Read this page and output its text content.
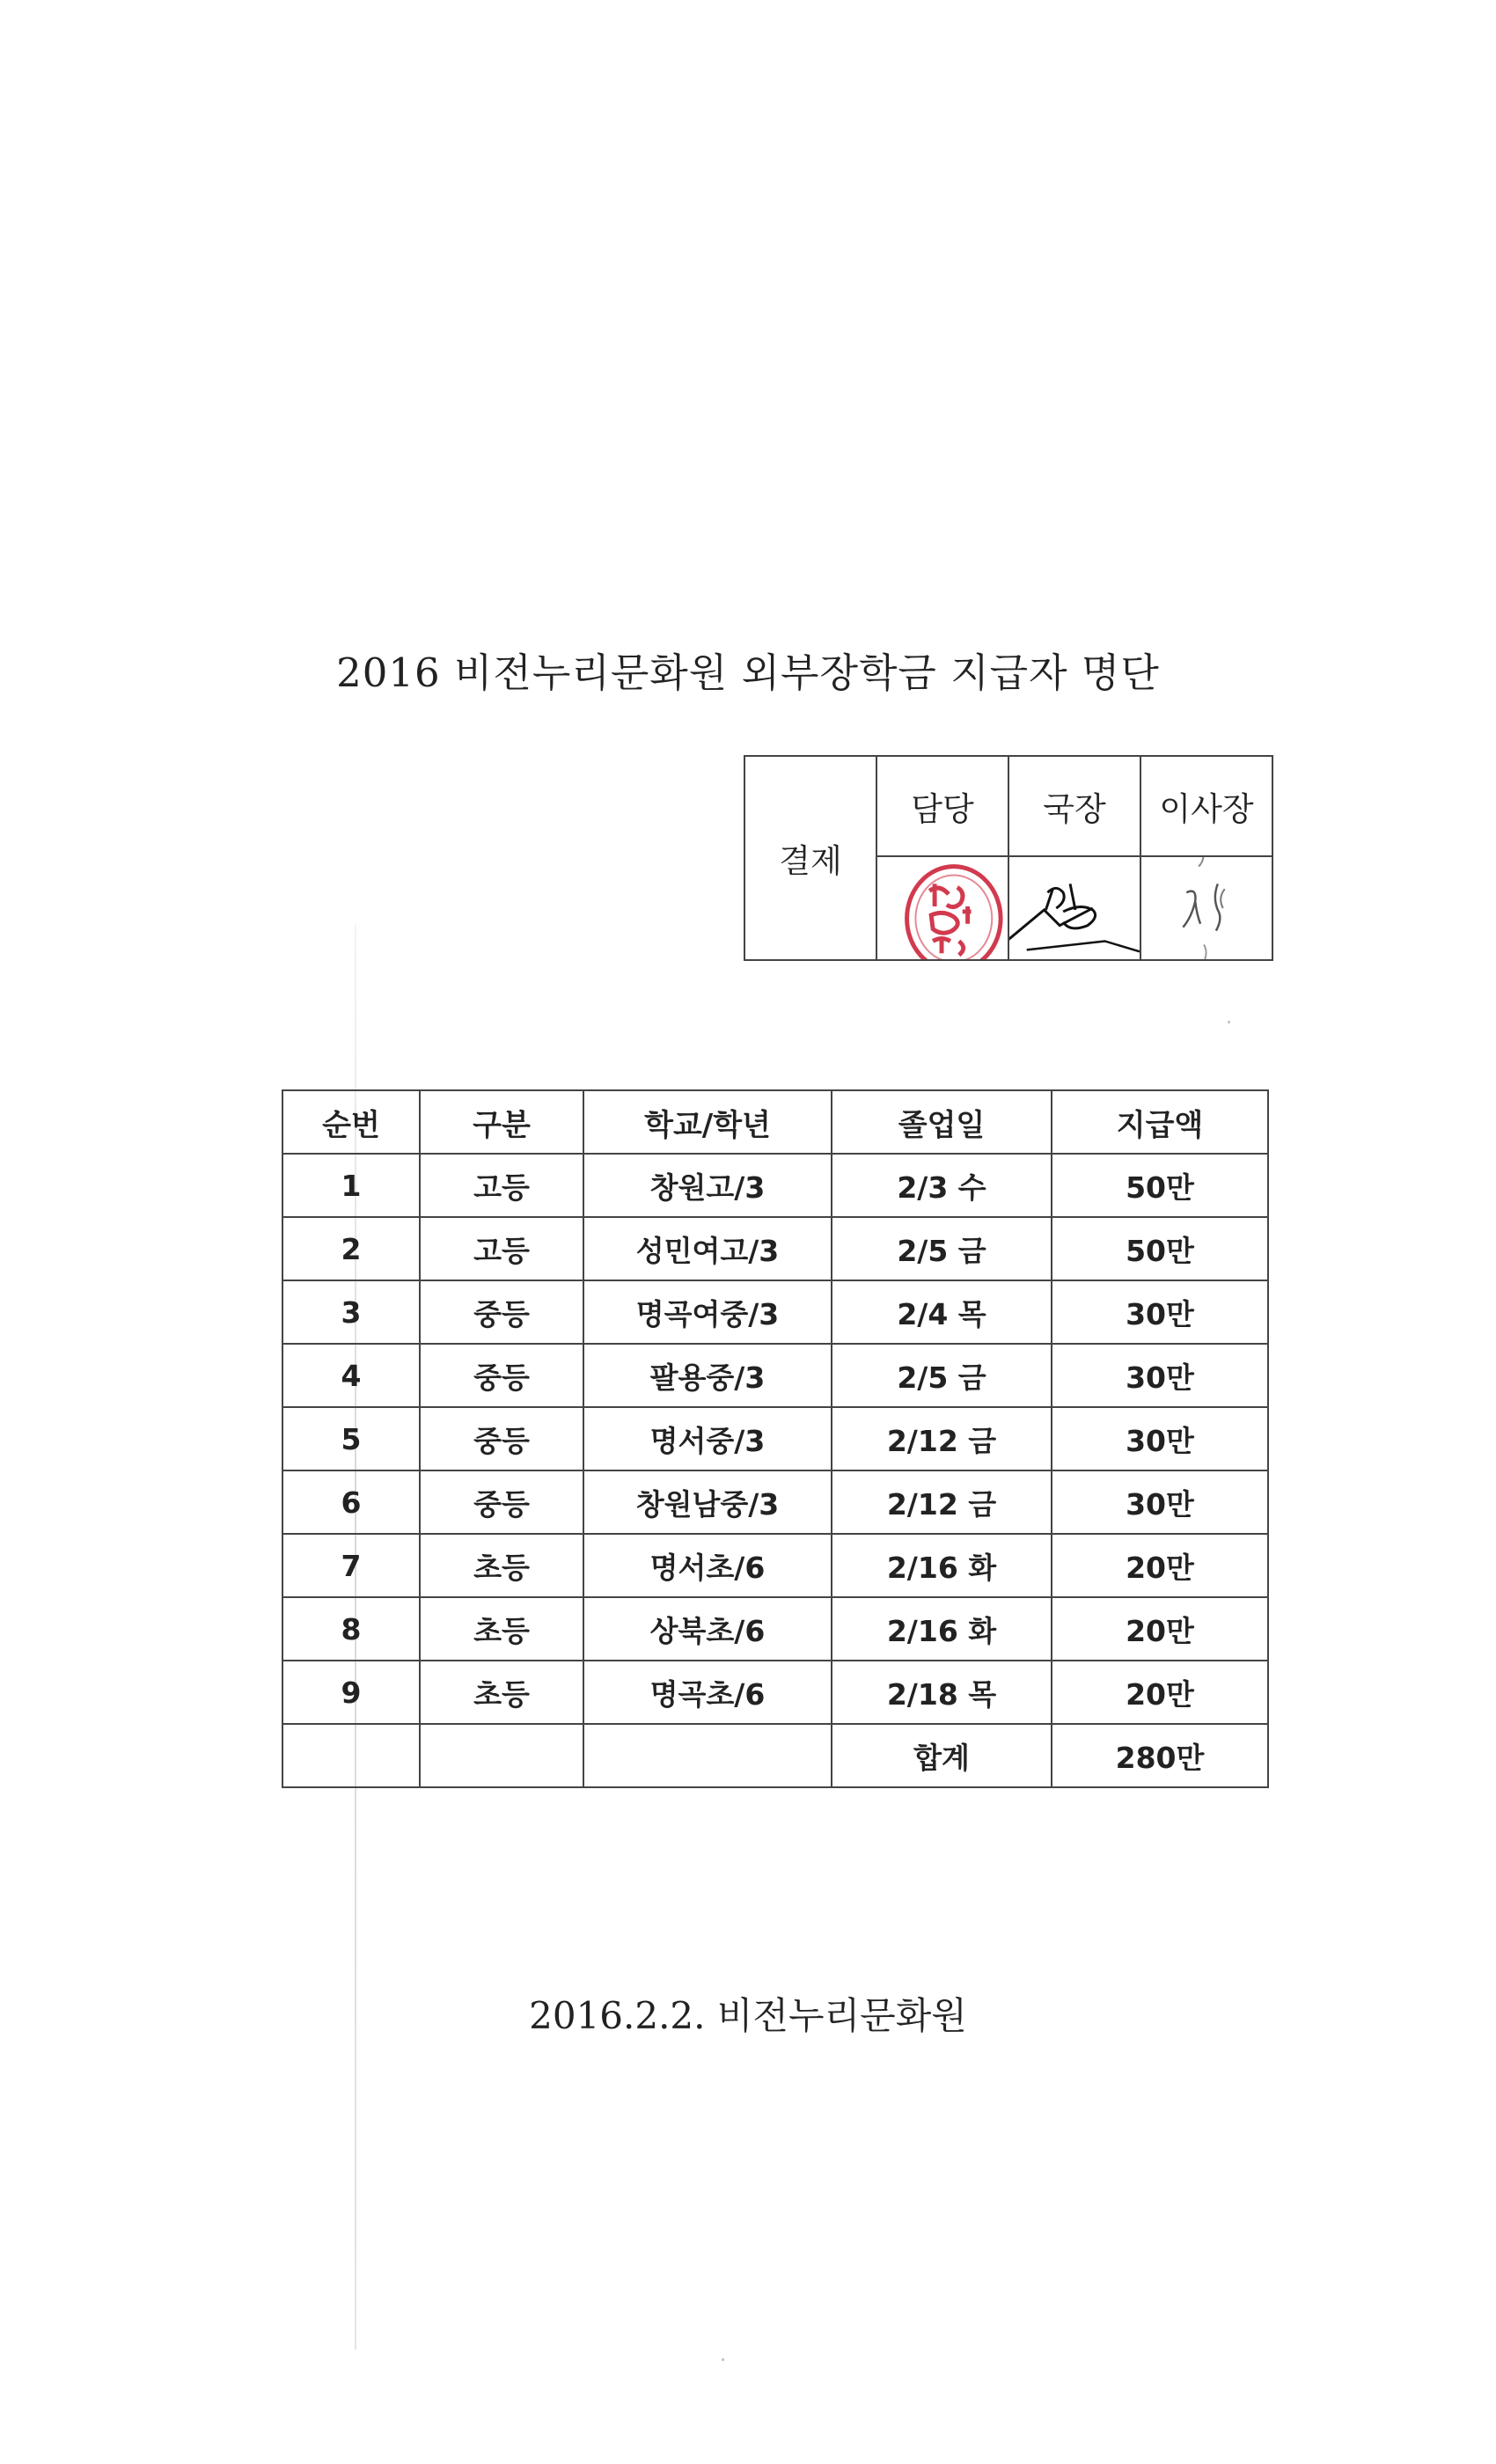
2016 비전누리문화원 외부장학금 지급자 명단
결제	담당	국장	이사장

순번	구분	학교/학년	졸업일	지급액
1	고등	창원고/3	2/3 수	50만
2	고등	성민여고/3	2/5 금	50만
3	중등	명곡여중/3	2/4 목	30만
4	중등	팔용중/3	2/5 금	30만
5	중등	명서중/3	2/12 금	30만
6	중등	창원남중/3	2/12 금	30만
7	초등	명서초/6	2/16 화	20만
8	초등	상북초/6	2/16 화	20만
9	초등	명곡초/6	2/18 목	20만
			합계	280만
2016.2.2. 비전누리문화원
